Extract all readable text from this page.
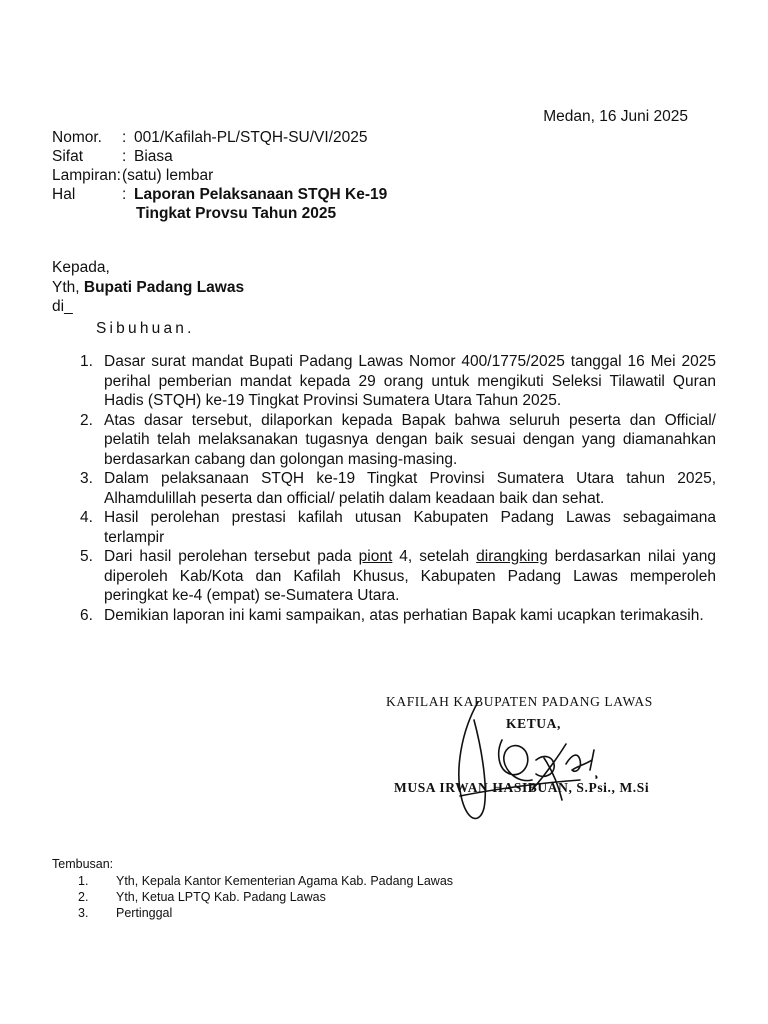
Medan, 16 Juni 2025
Nomor.	: 001/Kafilah-PL/STQH-SU/VI/2025
Sifat	: Biasa
Lampiran: (satu) lembar
Hal	: Laporan Pelaksanaan STQH Ke-19
Tingkat Provsu Tahun 2025
Kepada,
Yth, Bupati Padang Lawas
di_
Sibuhuan.
1. Dasar surat mandat Bupati Padang Lawas Nomor 400/1775/2025 tanggal 16 Mei 2025 perihal pemberian mandat kepada 29 orang untuk mengikuti Seleksi Tilawatil Quran Hadis (STQH) ke-19 Tingkat Provinsi Sumatera Utara Tahun 2025.
2. Atas dasar tersebut, dilaporkan kepada Bapak bahwa seluruh peserta dan Official/ pelatih telah melaksanakan tugasnya dengan baik sesuai dengan yang diamanahkan berdasarkan cabang dan golongan masing-masing.
3. Dalam pelaksanaan STQH ke-19 Tingkat Provinsi Sumatera Utara tahun 2025, Alhamdulillah peserta dan official/ pelatih dalam keadaan baik dan sehat.
4. Hasil perolehan prestasi kafilah utusan Kabupaten Padang Lawas sebagaimana terlampir
5. Dari hasil perolehan tersebut pada piont 4, setelah dirangking berdasarkan nilai yang diperoleh Kab/Kota dan Kafilah Khusus, Kabupaten Padang Lawas memperoleh peringkat ke-4 (empat) se-Sumatera Utara.
6. Demikian laporan ini kami sampaikan, atas perhatian Bapak kami ucapkan terimakasih.
KAFILAH KABUPATEN PADANG LAWAS
KETUA,
MUSA IRWAN HASIBUAN, S.Psi., M.Si
Tembusan:
1.	Yth, Kepala Kantor Kementerian Agama Kab. Padang Lawas
2.	Yth, Ketua LPTQ Kab. Padang Lawas
3.	Pertinggal
